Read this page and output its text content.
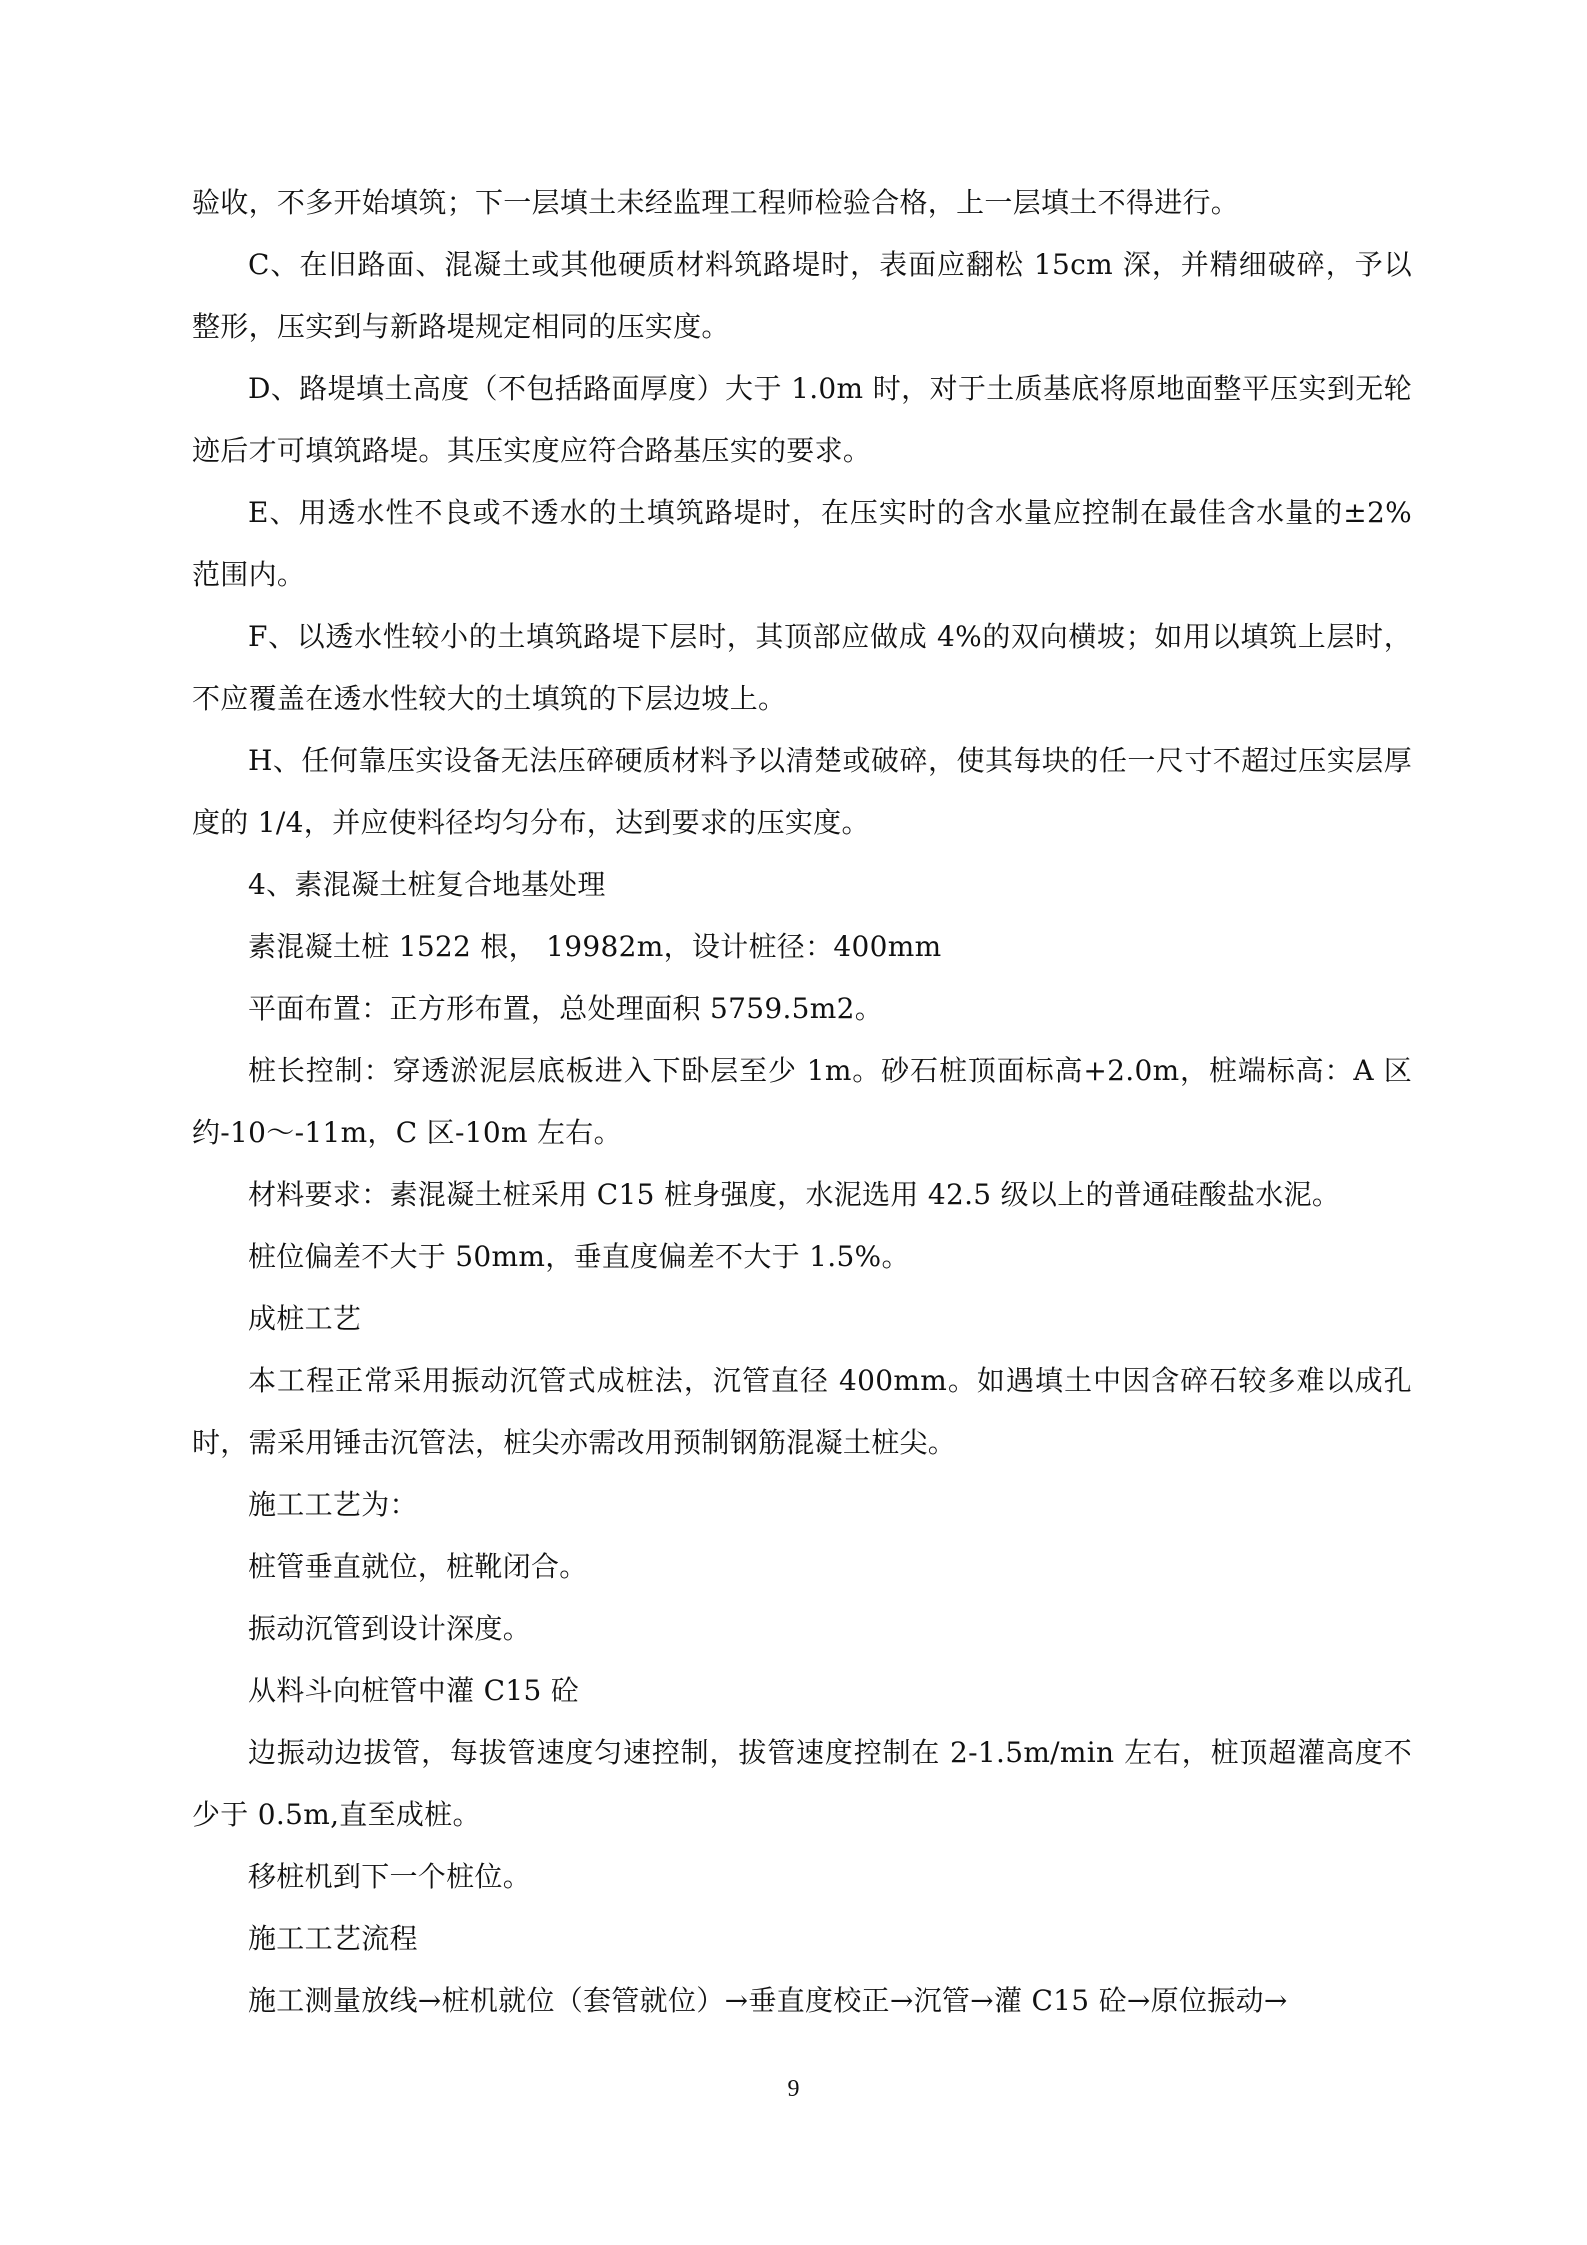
验收，不多开始填筑；下一层填土未经监理工程师检验合格，上一层填土不得进行。

C、在旧路面、混凝土或其他硬质材料筑路堤时，表面应翻松 15cm 深，并精细破碎，予以整形，压实到与新路堤规定相同的压实度。

D、路堤填土高度（不包括路面厚度）大于 1.0m 时，对于土质基底将原地面整平压实到无轮迹后才可填筑路堤。其压实度应符合路基压实的要求。

E、用透水性不良或不透水的土填筑路堤时，在压实时的含水量应控制在最佳含水量的±2%范围内。

F、以透水性较小的土填筑路堤下层时，其顶部应做成 4%的双向横坡；如用以填筑上层时，不应覆盖在透水性较大的土填筑的下层边坡上。

H、任何靠压实设备无法压碎硬质材料予以清楚或破碎，使其每块的任一尺寸不超过压实层厚度的 1/4，并应使料径均匀分布，达到要求的压实度。

4、素混凝土桩复合地基处理

素混凝土桩 1522 根， 19982m，设计桩径：400mm

平面布置：正方形布置，总处理面积 5759.5m2。

桩长控制：穿透淤泥层底板进入下卧层至少 1m。砂石桩顶面标高+2.0m，桩端标高：A 区约-10～-11m，C 区-10m 左右。

材料要求：素混凝土桩采用 C15 桩身强度，水泥选用 42.5 级以上的普通硅酸盐水泥。

桩位偏差不大于 50mm，垂直度偏差不大于 1.5%。

成桩工艺

本工程正常采用振动沉管式成桩法，沉管直径 400mm。如遇填土中因含碎石较多难以成孔时，需采用锤击沉管法，桩尖亦需改用预制钢筋混凝土桩尖。

施工工艺为：

桩管垂直就位，桩靴闭合。

振动沉管到设计深度。

从料斗向桩管中灌 C15 砼

边振动边拔管，每拔管速度匀速控制，拔管速度控制在 2-1.5m/min 左右，桩顶超灌高度不少于 0.5m,直至成桩。

移桩机到下一个桩位。

施工工艺流程

施工测量放线→桩机就位（套管就位）→垂直度校正→沉管→灌 C15 砼→原位振动→

9
